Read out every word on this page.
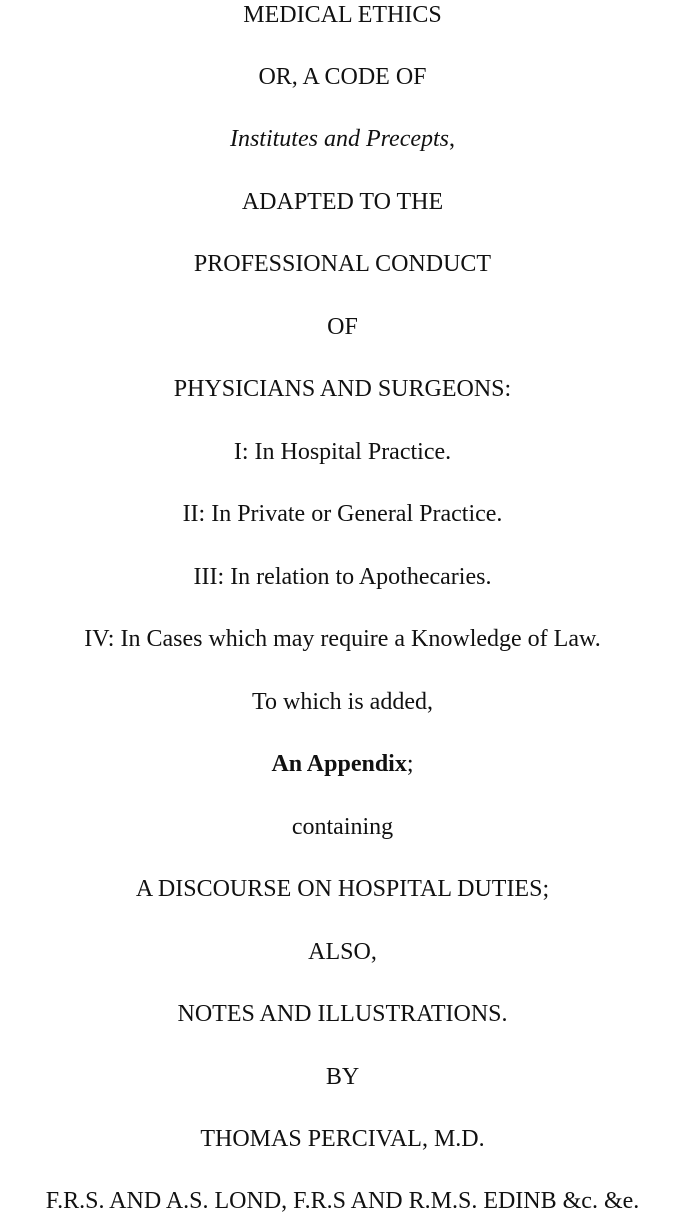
MEDICAL ETHICS
OR, A CODE OF
Institutes and Precepts,
ADAPTED TO THE
PROFESSIONAL CONDUCT
OF
PHYSICIANS AND SURGEONS:
I: In Hospital Practice.
II: In Private or General Practice.
III: In relation to Apothecaries.
IV: In Cases which may require a Knowledge of Law.
To which is added,
An Appendix;
containing
A DISCOURSE ON HOSPITAL DUTIES;
ALSO,
NOTES AND ILLUSTRATIONS.
BY
THOMAS PERCIVAL, M.D.
F.R.S. AND A.S. LOND, F.R.S AND R.M.S. EDINB &c. &e.
